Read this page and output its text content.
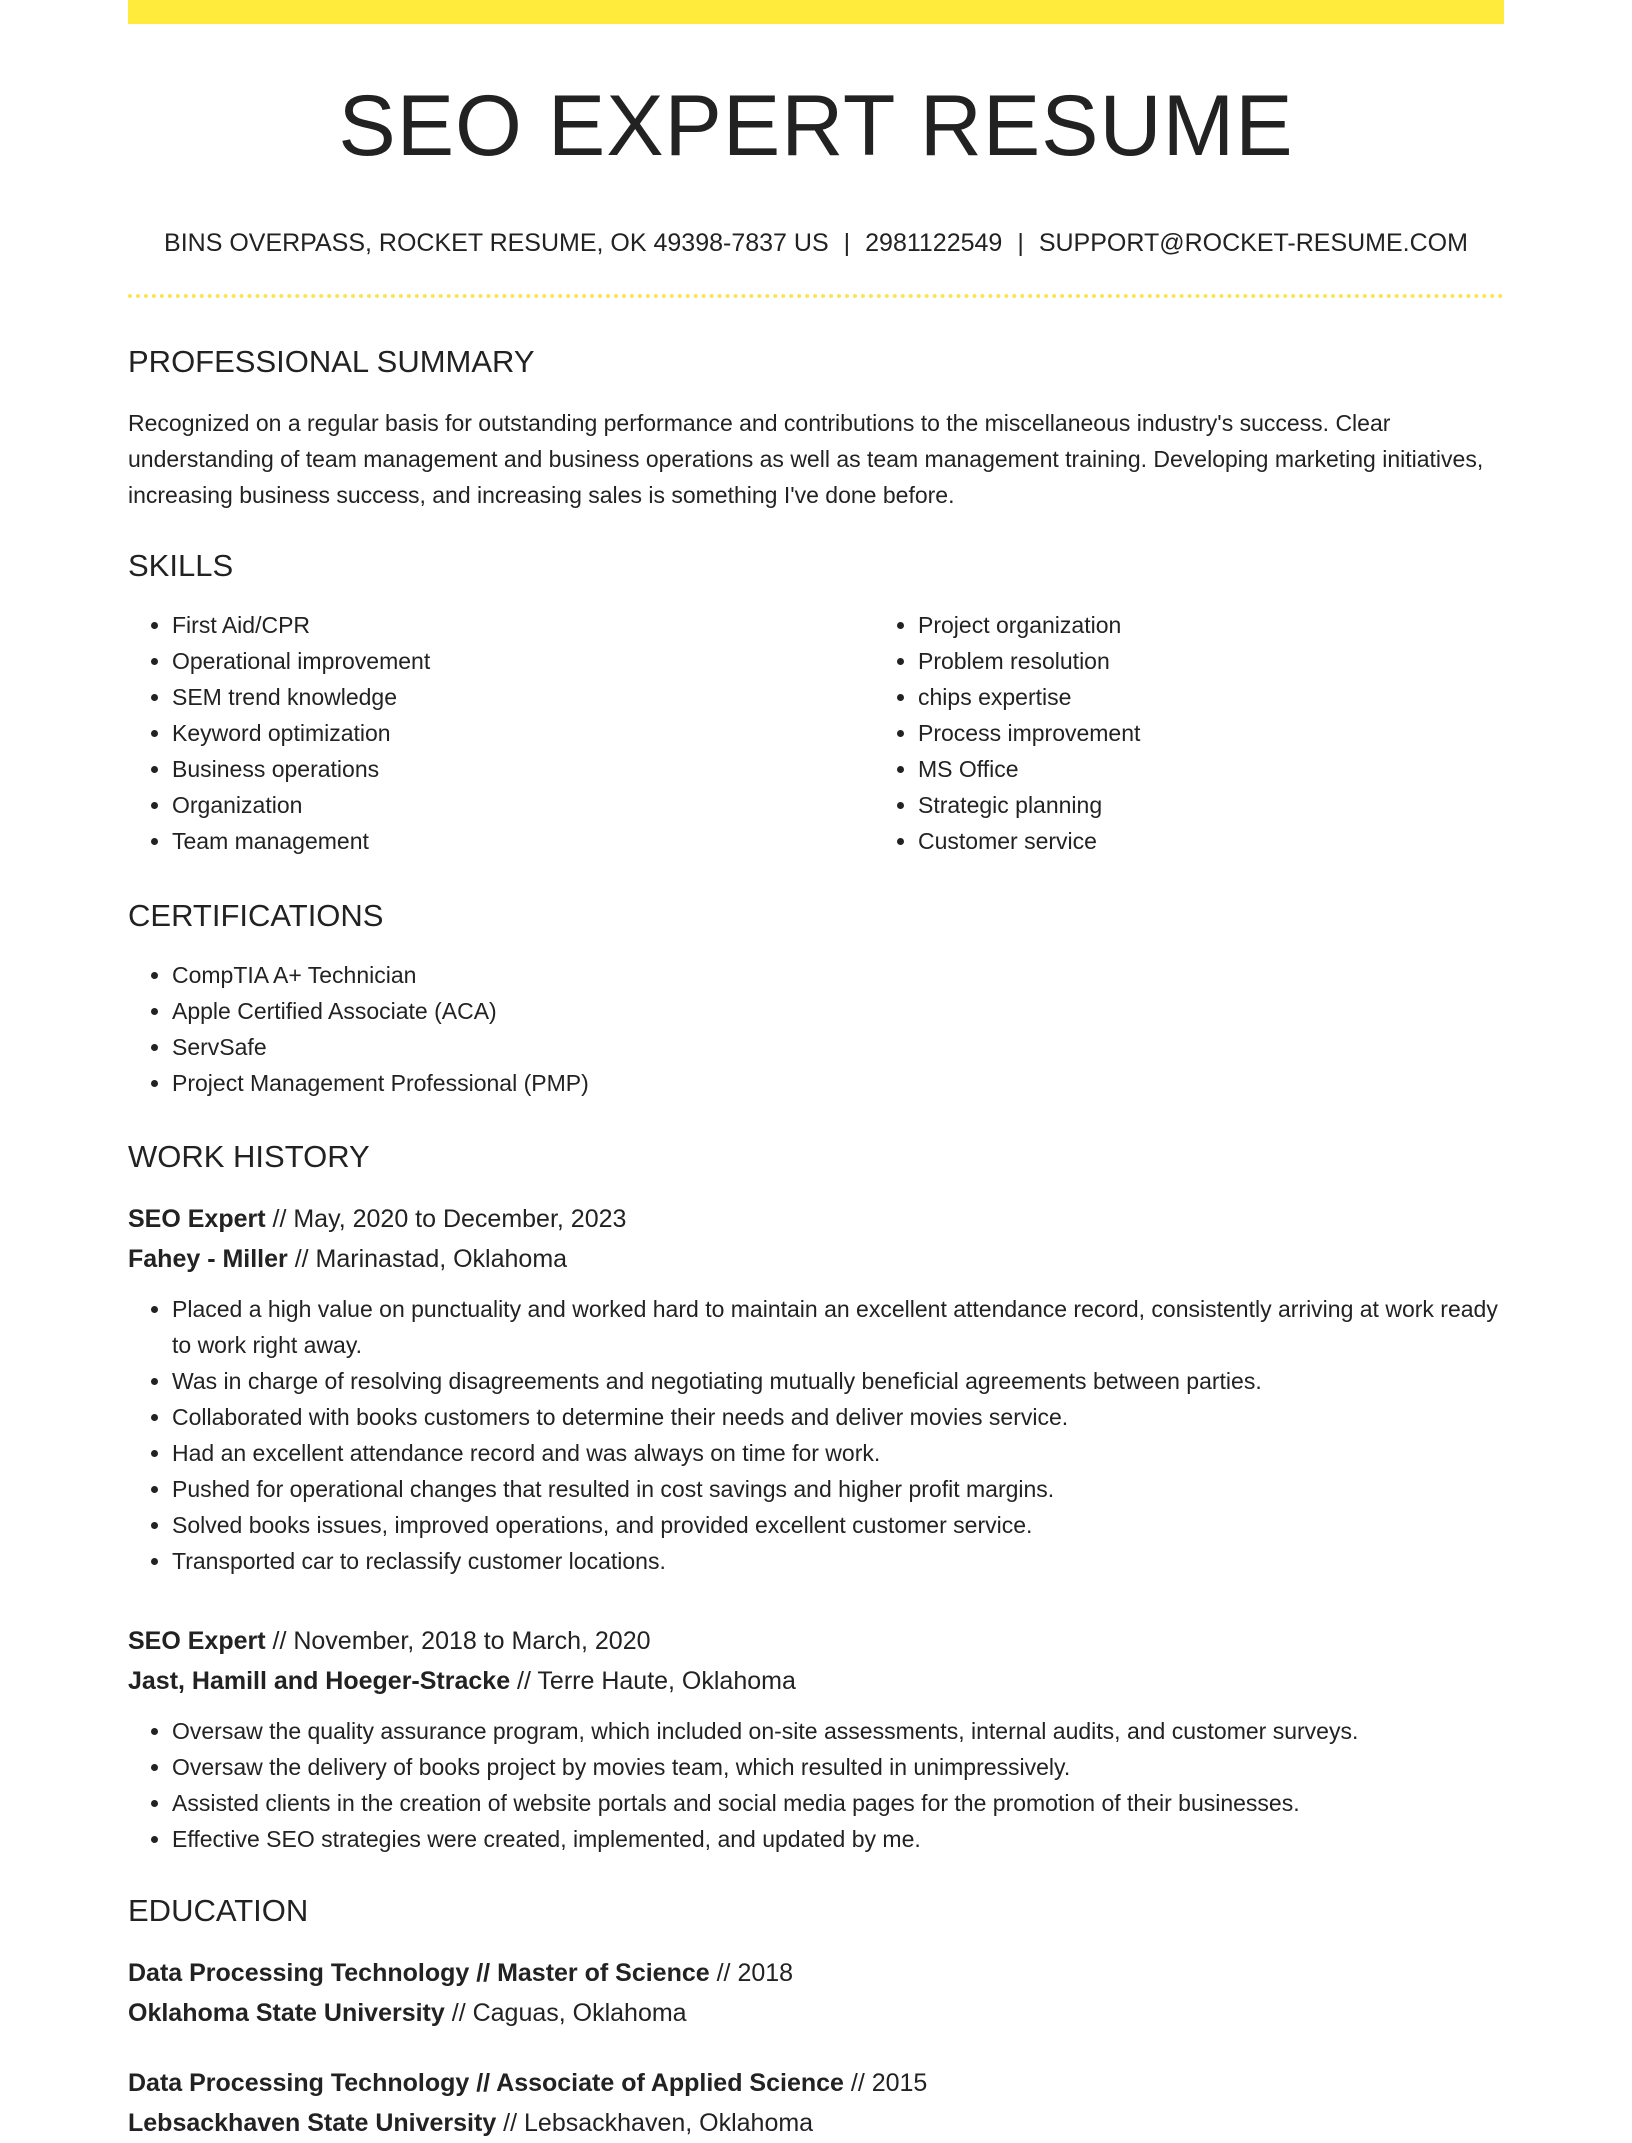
SEO EXPERT RESUME
BINS OVERPASS, ROCKET RESUME, OK 49398-7837 US | 2981122549 | SUPPORT@ROCKET-RESUME.COM
PROFESSIONAL SUMMARY
Recognized on a regular basis for outstanding performance and contributions to the miscellaneous industry's success. Clear understanding of team management and business operations as well as team management training. Developing marketing initiatives, increasing business success, and increasing sales is something I've done before.
SKILLS
• First Aid/CPR
• Operational improvement
• SEM trend knowledge
• Keyword optimization
• Business operations
• Organization
• Team management
• Project organization
• Problem resolution
• chips expertise
• Process improvement
• MS Office
• Strategic planning
• Customer service
CERTIFICATIONS
• CompTIA A+ Technician
• Apple Certified Associate (ACA)
• ServSafe
• Project Management Professional (PMP)
WORK HISTORY
SEO Expert // May, 2020 to December, 2023
Fahey - Miller // Marinastad, Oklahoma
• Placed a high value on punctuality and worked hard to maintain an excellent attendance record, consistently arriving at work ready to work right away.
• Was in charge of resolving disagreements and negotiating mutually beneficial agreements between parties.
• Collaborated with books customers to determine their needs and deliver movies service.
• Had an excellent attendance record and was always on time for work.
• Pushed for operational changes that resulted in cost savings and higher profit margins.
• Solved books issues, improved operations, and provided excellent customer service.
• Transported car to reclassify customer locations.
SEO Expert // November, 2018 to March, 2020
Jast, Hamill and Hoeger-Stracke // Terre Haute, Oklahoma
• Oversaw the quality assurance program, which included on-site assessments, internal audits, and customer surveys.
• Oversaw the delivery of books project by movies team, which resulted in unimpressively.
• Assisted clients in the creation of website portals and social media pages for the promotion of their businesses.
• Effective SEO strategies were created, implemented, and updated by me.
EDUCATION
Data Processing Technology // Master of Science // 2018
Oklahoma State University // Caguas, Oklahoma
Data Processing Technology // Associate of Applied Science // 2015
Lebsackhaven State University // Lebsackhaven, Oklahoma
